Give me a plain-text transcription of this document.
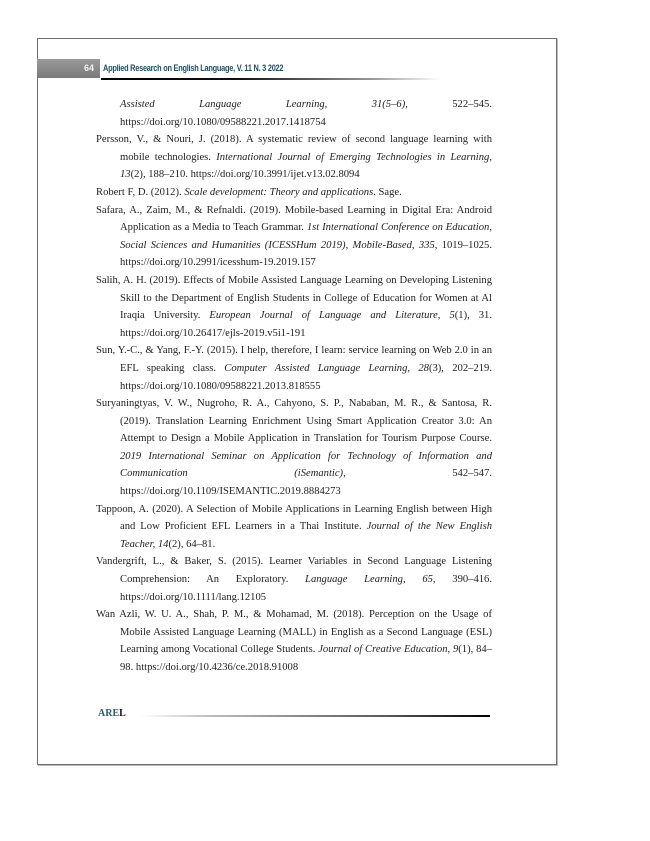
64	Applied Research on English Language, V. 11 N. 3 2022
Assisted	Language	Learning,	31(5–6),	522–545.
https://doi.org/10.1080/09588221.2017.1418754

Persson, V., & Nouri, J. (2018). A systematic review of second language learning with mobile technologies. International Journal of Emerging Technologies in Learning, 13(2), 188–210. https://doi.org/10.3991/ijet.v13.02.8094

Robert F, D. (2012). Scale development: Theory and applications. Sage.

Safara, A., Zaim, M., & Refnaldi. (2019). Mobile-based Learning in Digital Era: Android Application as a Media to Teach Grammar. 1st International Conference on Education, Social Sciences and Humanities (ICESSHum 2019), Mobile-Based, 335, 1019–1025. https://doi.org/10.2991/icesshum-19.2019.157

Salih, A. H. (2019). Effects of Mobile Assisted Language Learning on Developing Listening Skill to the Department of English Students in College of Education for Women at Al Iraqia University. European Journal of Language and Literature, 5(1), 31. https://doi.org/10.26417/ejls-2019.v5i1-191

Sun, Y.-C., & Yang, F.-Y. (2015). I help, therefore, I learn: service learning on Web 2.0 in an EFL speaking class. Computer Assisted Language Learning, 28(3), 202–219. https://doi.org/10.1080/09588221.2013.818555

Suryaningtyas, V. W., Nugroho, R. A., Cahyono, S. P., Nababan, M. R., & Santosa, R. (2019). Translation Learning Enrichment Using Smart Application Creator 3.0: An Attempt to Design a Mobile Application in Translation for Tourism Purpose Course. 2019 International Seminar on Application for Technology of Information and Communication (iSemantic), 542–547. https://doi.org/10.1109/ISEMANTIC.2019.8884273

Tappoon, A. (2020). A Selection of Mobile Applications in Learning English between High and Low Proficient EFL Learners in a Thai Institute. Journal of the New English Teacher, 14(2), 64–81.

Vandergrift, L., & Baker, S. (2015). Learner Variables in Second Language Listening Comprehension: An Exploratory. Language Learning, 65, 390–416. https://doi.org/10.1111/lang.12105

Wan Azli, W. U. A., Shah, P. M., & Mohamad, M. (2018). Perception on the Usage of Mobile Assisted Language Learning (MALL) in English as a Second Language (ESL) Learning among Vocational College Students. Journal of Creative Education, 9(1), 84–98. https://doi.org/10.4236/ce.2018.91008

AREL
